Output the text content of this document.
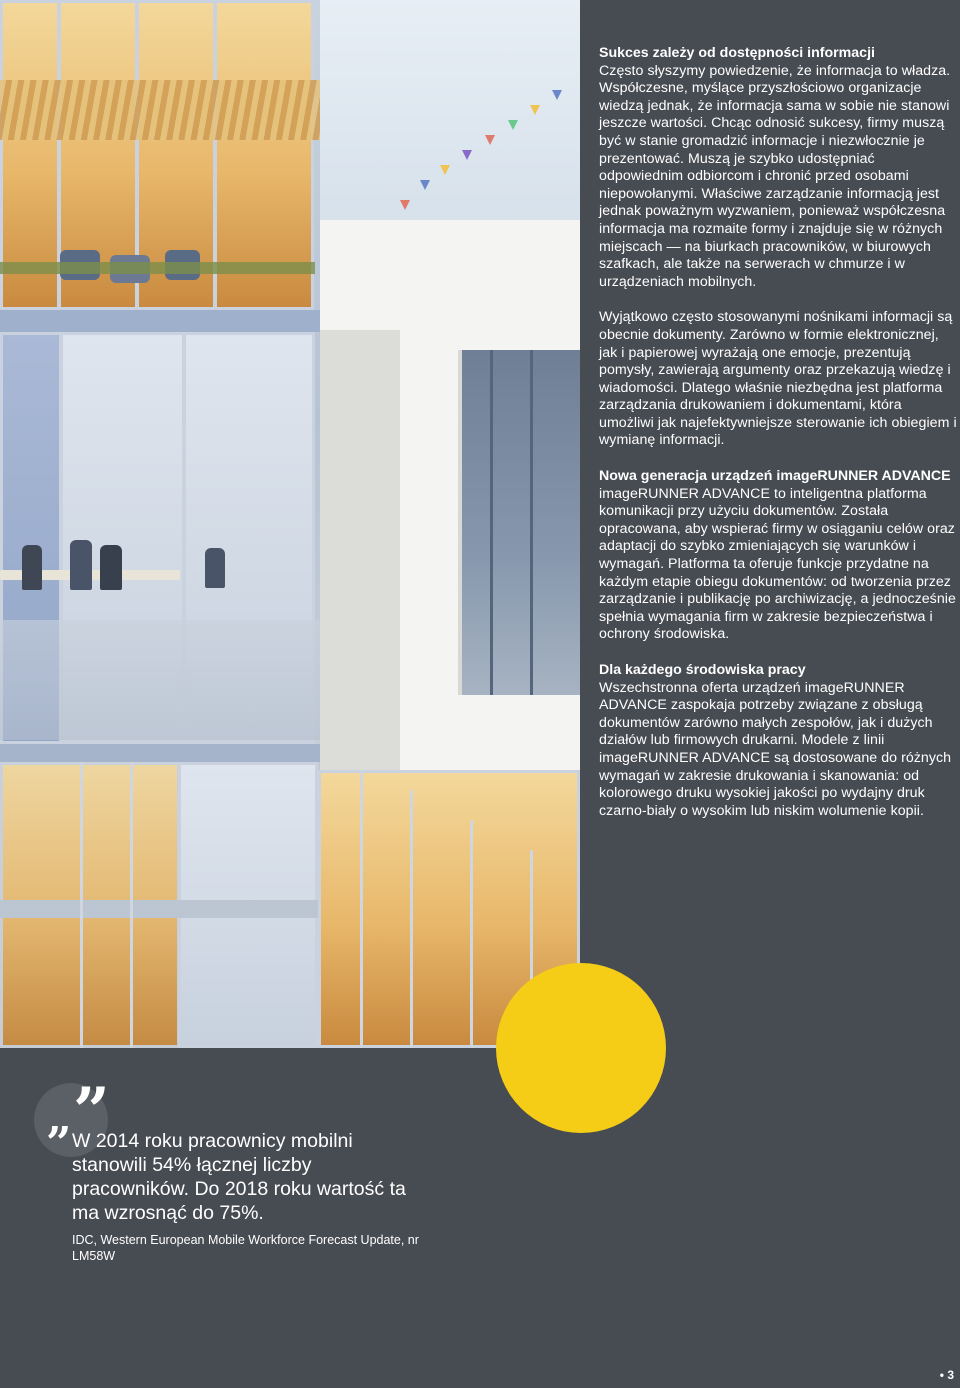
Sukces zależy od dostępności informacji

Często słyszymy powiedzenie, że informacja to władza. Współczesne, myślące przyszłościowo organizacje wiedzą jednak, że informacja sama w sobie nie stanowi jeszcze wartości. Chcąc odnosić sukcesy, firmy muszą być w stanie gromadzić informacje i niezwłocznie je prezentować. Muszą je szybko udostępniać odpowiednim odbiorcom i chronić przed osobami niepowołanymi. Właściwe zarządzanie informacją jest jednak poważnym wyzwaniem, ponieważ współczesna informacja ma rozmaite formy i znajduje się w różnych miejscach — na biurkach pracowników, w biurowych szafkach, ale także na serwerach w chmurze i w urządzeniach mobilnych.

Wyjątkowo często stosowanymi nośnikami informacji są obecnie dokumenty. Zarówno w formie elektronicznej, jak i papierowej wyrażają one emocje, prezentują pomysły, zawierają argumenty oraz przekazują wiedzę i wiadomości. Dlatego właśnie niezbędna jest platforma zarządzania drukowaniem i dokumentami, która umożliwi jak najefektywniejsze sterowanie ich obiegiem i wymianę informacji.

Nowa generacja urządzeń imageRUNNER ADVANCE

imageRUNNER ADVANCE to inteligentna platforma komunikacji przy użyciu dokumentów. Została opracowana, aby wspierać firmy w osiąganiu celów oraz adaptacji do szybko zmieniających się warunków i wymagań. Platforma ta oferuje funkcje przydatne na każdym etapie obiegu dokumentów: od tworzenia przez zarządzanie i publikację po archiwizację, a jednocześnie spełnia wymagania firm w zakresie bezpieczeństwa i ochrony środowiska.

Dla każdego środowiska pracy

Wszechstronna oferta urządzeń imageRUNNER ADVANCE zaspokaja potrzeby związane z obsługą dokumentów zarówno małych zespołów, jak i dużych działów lub firmowych drukarni. Modele z linii imageRUNNER ADVANCE są dostosowane do różnych wymagań w zakresie drukowania i skanowania: od kolorowego druku wysokiej jakości po wydajny druk czarno-biały o wysokim lub niskim wolumenie kopii.

”
” W 2014 roku pracownicy mobilni stanowili 54% łącznej liczby pracowników. Do 2018 roku wartość ta ma wzrosnąć do 75%.
IDC, Western European Mobile Workforce Forecast Update, nr LM58W
• 3
